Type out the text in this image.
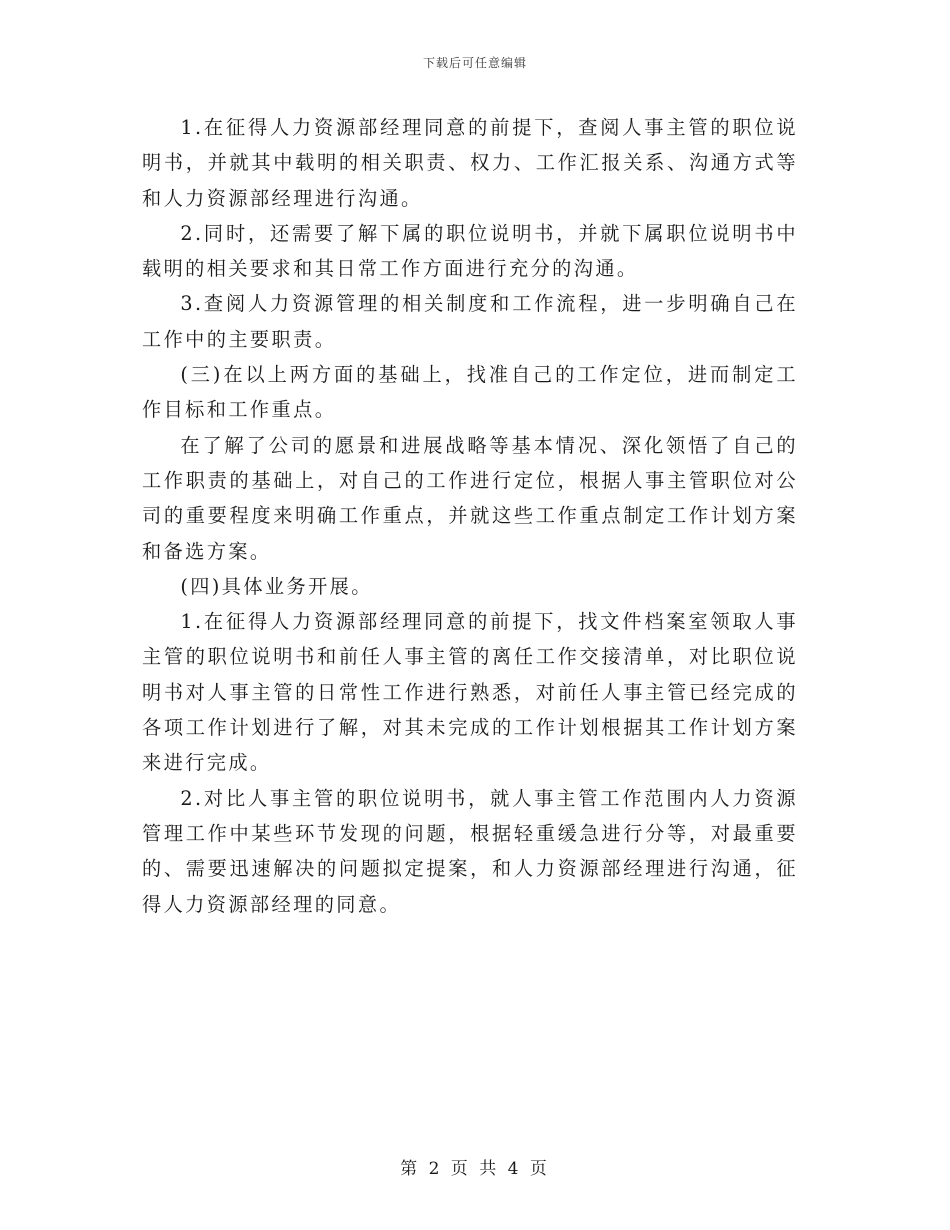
下载后可任意编辑

1.在征得人力资源部经理同意的前提下，查阅人事主管的职位说明书，并就其中载明的相关职责、权力、工作汇报关系、沟通方式等和人力资源部经理进行沟通。

2.同时，还需要了解下属的职位说明书，并就下属职位说明书中载明的相关要求和其日常工作方面进行充分的沟通。

3.查阅人力资源管理的相关制度和工作流程，进一步明确自己在工作中的主要职责。

(三)在以上两方面的基础上，找准自己的工作定位，进而制定工作目标和工作重点。

在了解了公司的愿景和进展战略等基本情况、深化领悟了自己的工作职责的基础上，对自己的工作进行定位，根据人事主管职位对公司的重要程度来明确工作重点，并就这些工作重点制定工作计划方案和备选方案。

(四)具体业务开展。

1.在征得人力资源部经理同意的前提下，找文件档案室领取人事主管的职位说明书和前任人事主管的离任工作交接清单，对比职位说明书对人事主管的日常性工作进行熟悉，对前任人事主管已经完成的各项工作计划进行了解，对其未完成的工作计划根据其工作计划方案来进行完成。

2.对比人事主管的职位说明书，就人事主管工作范围内人力资源管理工作中某些环节发现的问题，根据轻重缓急进行分等，对最重要的、需要迅速解决的问题拟定提案，和人力资源部经理进行沟通，征得人力资源部经理的同意。

第 2 页 共 4 页
